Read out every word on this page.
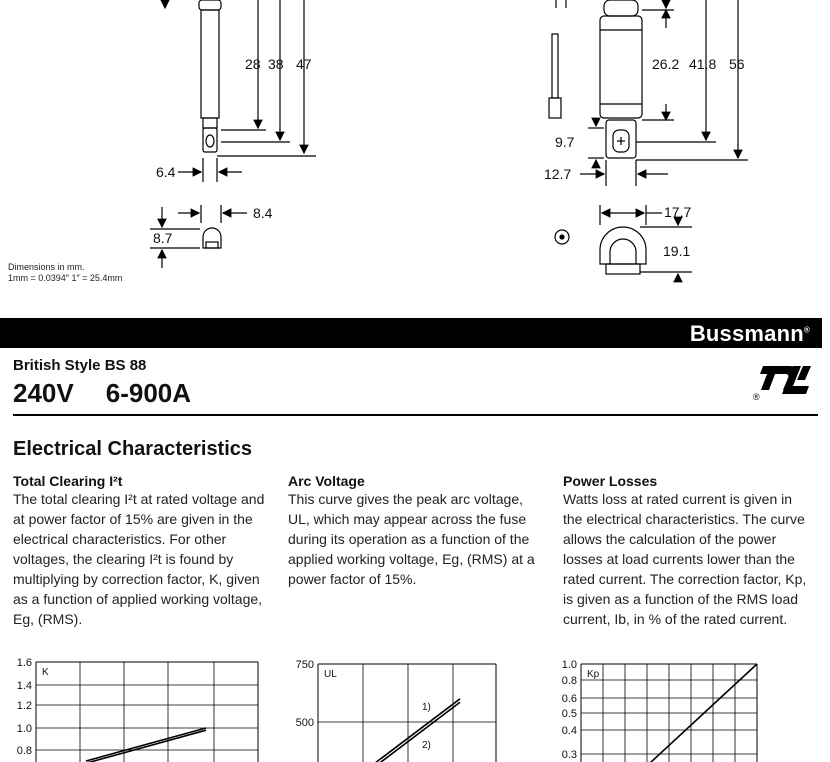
28 38 47
6.4
8.4
8.7
26.2 41.8 56
9.7
12.7
17.7
19.1
Dimensions in mm.
1mm = 0.0394″ 1″ = 25.4mm
Bussmann®
British Style BS 88
240V 6-900A	®
Electrical Characteristics
Total Clearing I²t
The total clearing I²t at rated voltage and at power factor of 15% are given in the electrical characteristics. For other voltages, the clearing I²t is found by multiplying by correction factor, K, given as a function of applied working voltage, Eg, (RMS).
Arc Voltage
This curve gives the peak arc voltage, UL, which may appear across the fuse during its operation as a function of the applied working voltage, Eg, (RMS) at a power factor of 15%.
Power Losses
Watts loss at rated current is given in the electrical characteristics. The curve allows the calculation of the power losses at load currents lower than the rated current. The correction factor, Kp, is given as a function of the RMS load current, Ib, in % of the rated current.
1.6
1.4
1.2
1.0
0.8
K
750
500
UL
1)
2)
1.0
0.8
0.6
0.5
0.4
0.3
Kp
